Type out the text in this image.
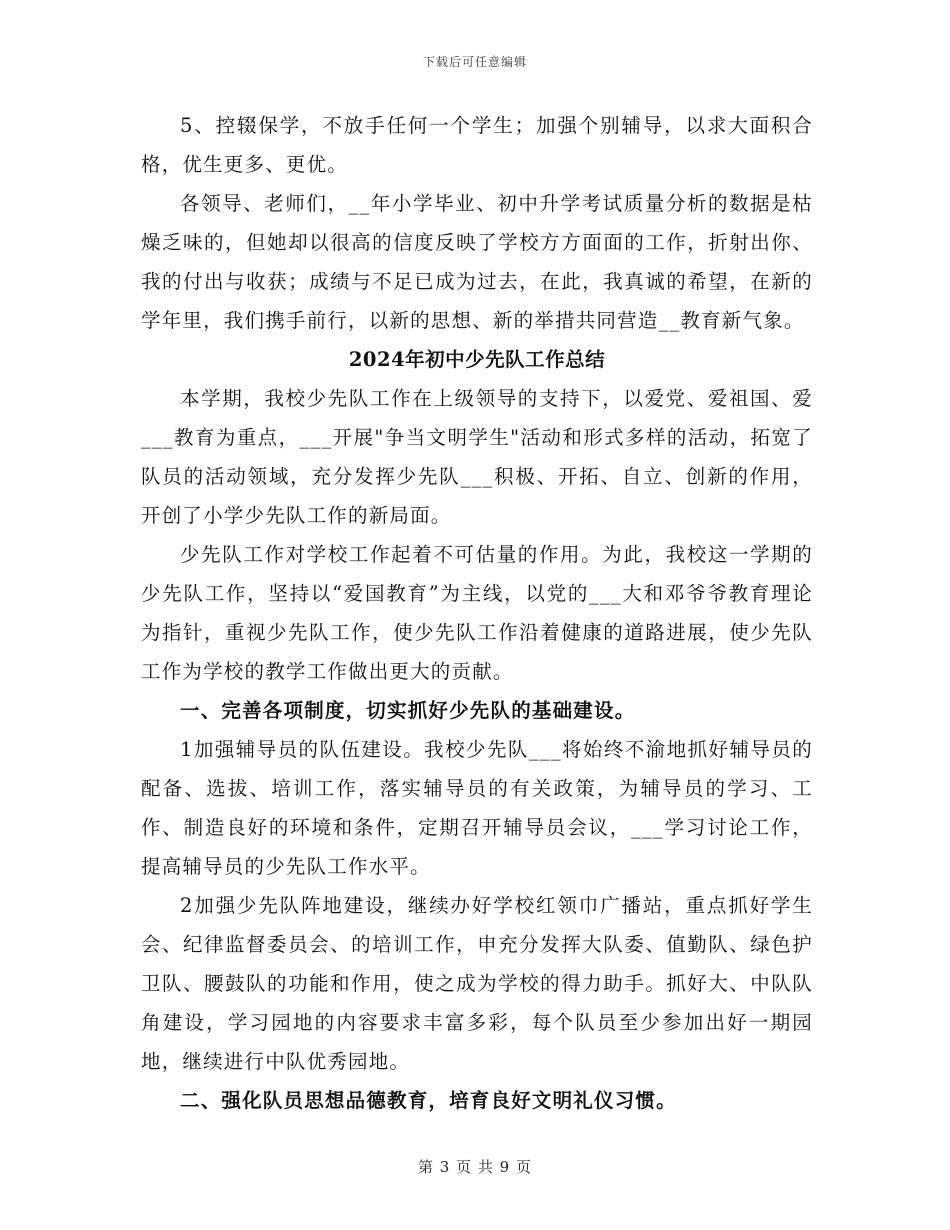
下载后可任意编辑

5、控辍保学，不放手任何一个学生；加强个别辅导，以求大面积合格，优生更多、更优。

各领导、老师们，__年小学毕业、初中升学考试质量分析的数据是枯燥乏味的，但她却以很高的信度反映了学校方方面面的工作，折射出你、我的付出与收获；成绩与不足已成为过去，在此，我真诚的希望，在新的学年里，我们携手前行，以新的思想、新的举措共同营造__教育新气象。

2024年初中少先队工作总结

本学期，我校少先队工作在上级领导的支持下，以爱党、爱祖国、爱___教育为重点，___开展"争当文明学生"活动和形式多样的活动，拓宽了队员的活动领域，充分发挥少先队___积极、开拓、自立、创新的作用，开创了小学少先队工作的新局面。

少先队工作对学校工作起着不可估量的作用。为此，我校这一学期的少先队工作，坚持以“爱国教育”为主线，以党的___大和邓爷爷教育理论为指针，重视少先队工作，使少先队工作沿着健康的道路进展，使少先队工作为学校的教学工作做出更大的贡献。

一、完善各项制度，切实抓好少先队的基础建设。

1加强辅导员的队伍建设。我校少先队___将始终不渝地抓好辅导员的配备、选拔、培训工作，落实辅导员的有关政策，为辅导员的学习、工作、制造良好的环境和条件，定期召开辅导员会议，___学习讨论工作，提高辅导员的少先队工作水平。

2加强少先队阵地建设，继续办好学校红领巾广播站，重点抓好学生会、纪律监督委员会、的培训工作，申充分发挥大队委、值勤队、绿色护卫队、腰鼓队的功能和作用，使之成为学校的得力助手。抓好大、中队队角建设，学习园地的内容要求丰富多彩，每个队员至少参加出好一期园地，继续进行中队优秀园地。

二、强化队员思想品德教育，培育良好文明礼仪习惯。

第 3 页 共 9 页
